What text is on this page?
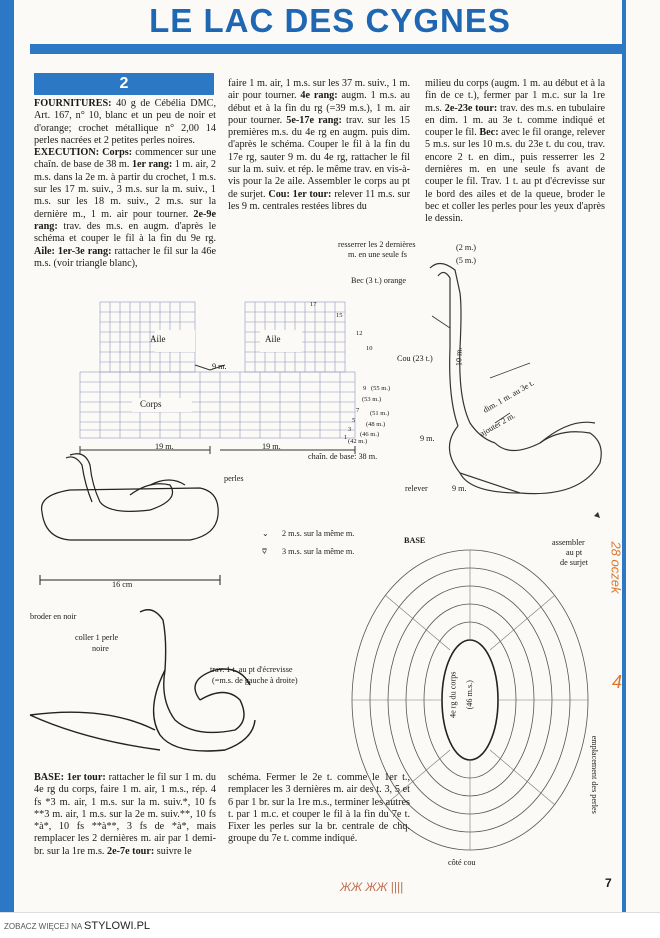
LE LAC DES CYGNES
2
FOURNITURES: 40 g de Cébélia DMC, Art. 167, n° 10, blanc et un peu de noir et d'orange; crochet métallique n° 2,00 14 perles nacrées et 2 petites perles noires.
EXECUTION: Corps: commencer sur une chaîn. de base de 38 m. 1er rang: 1 m. air, 2 m.s. dans la 2e m. à partir du crochet, 1 m.s. sur les 17 m. suiv., 3 m.s. sur la m. suiv., 1 m.s. sur les 18 m. suiv., 2 m.s. sur la dernière m., 1 m. air pour tourner. 2e-9e rang: trav. des m.s. en augm. d'après le schéma et couper le fil à la fin du 9e rg. Aile: 1er-3e rang: rattacher le fil sur la 46e m.s. (voir triangle blanc),
faire 1 m. air, 1 m.s. sur les 37 m. suiv., 1 m. air pour tourner. 4e rang: augm. 1 m.s. au début et à la fin du rg (=39 m.s.), 1 m. air pour tourner. 5e-17e rang: trav. sur les 15 premières m.s. du 4e rg en augm. puis dim. d'après le schéma. Couper le fil à la fin du 17e rg, sauter 9 m. du 4e rg, rattacher le fil sur la m. suiv. et rép. le même trav. en vis-à-vis pour la 2e aile. Assembler le corps au pt de surjet. Cou: 1er tour: relever 11 m.s. sur les 9 m. centrales restées libres du
milieu du corps (augm. 1 m. au début et à la fin de ce t.), fermer par 1 m.c. sur la 1re m.s. 2e-23e tour: trav. des m.s. en tubulaire en dim. 1 m. au 3e t. comme indiqué et couper le fil. Bec: avec le fil orange, relever 5 m.s. sur les 10 m.s. du 23e t. du cou, trav. encore 2 t. en dim., puis resserrer les 2 dernières m. en une seule fs avant de couper le fil. Trav. 1 t. au pt d'écrevisse sur le bord des ailes et de la queue, broder le bec et coller les perles pour les yeux d'après le dessin.
Aile	Aile
9 m.
Corps
19 m.	19 m.
chaîn. de base: 38 m.
17
15
12
10
9 (55 m.)
(53 m.)
(51 m.)
(48 m.)
(46 m.)
(42 m.)
7
5
3
1
resserrer les 2 dernières
m. en une seule fs
(2 m.)
(5 m.)
Bec (3 t.) orange
Cou (23 t.)	10 m.
dim. 1 m. au 3e t.
ajouter 2 m.
9 m.
relever	9 m.
assembler
au pt
de surjet
perles
16 cm
⌄ 2 m.s. sur la même m.
⩢ 3 m.s. sur la même m.
broder en noir
coller 1 perle
noire
trav. 1 t. au pt d'écrevisse
(=m.s. de gauche à droite)
BASE
4e rg du corps (46 m.s.)
emplacement des perles
côté cou
BASE: 1er tour: rattacher le fil sur 1 m. du 4e rg du corps, faire 1 m. air, 1 m.s., rép. 4 fs *3 m. air, 1 m.s. sur la m. suiv.*, 10 fs **3 m. air, 1 m.s. sur la 2e m. suiv.**, 10 fs *à*, 10 fs **à**, 3 fs de *à*, mais remplacer les 2 dernières m. air par 1 demi-br. sur la 1re m.s. 2e-7e tour: suivre le
schéma. Fermer le 2e t. comme le 1er t., remplacer les 3 dernières m. air des t. 3, 5 et 6 par 1 br. sur la 1re m.s., terminer les autres t. par 1 m.c. et couper le fil à la fin du 7e t. Fixer les perles sur la br. centrale de chq. groupe du 7e t. comme indiqué.
28 oczek
4
ЖЖ ЖЖ ||||	7
ZOBACZ WIĘCEJ NA STYLOWI.PL
